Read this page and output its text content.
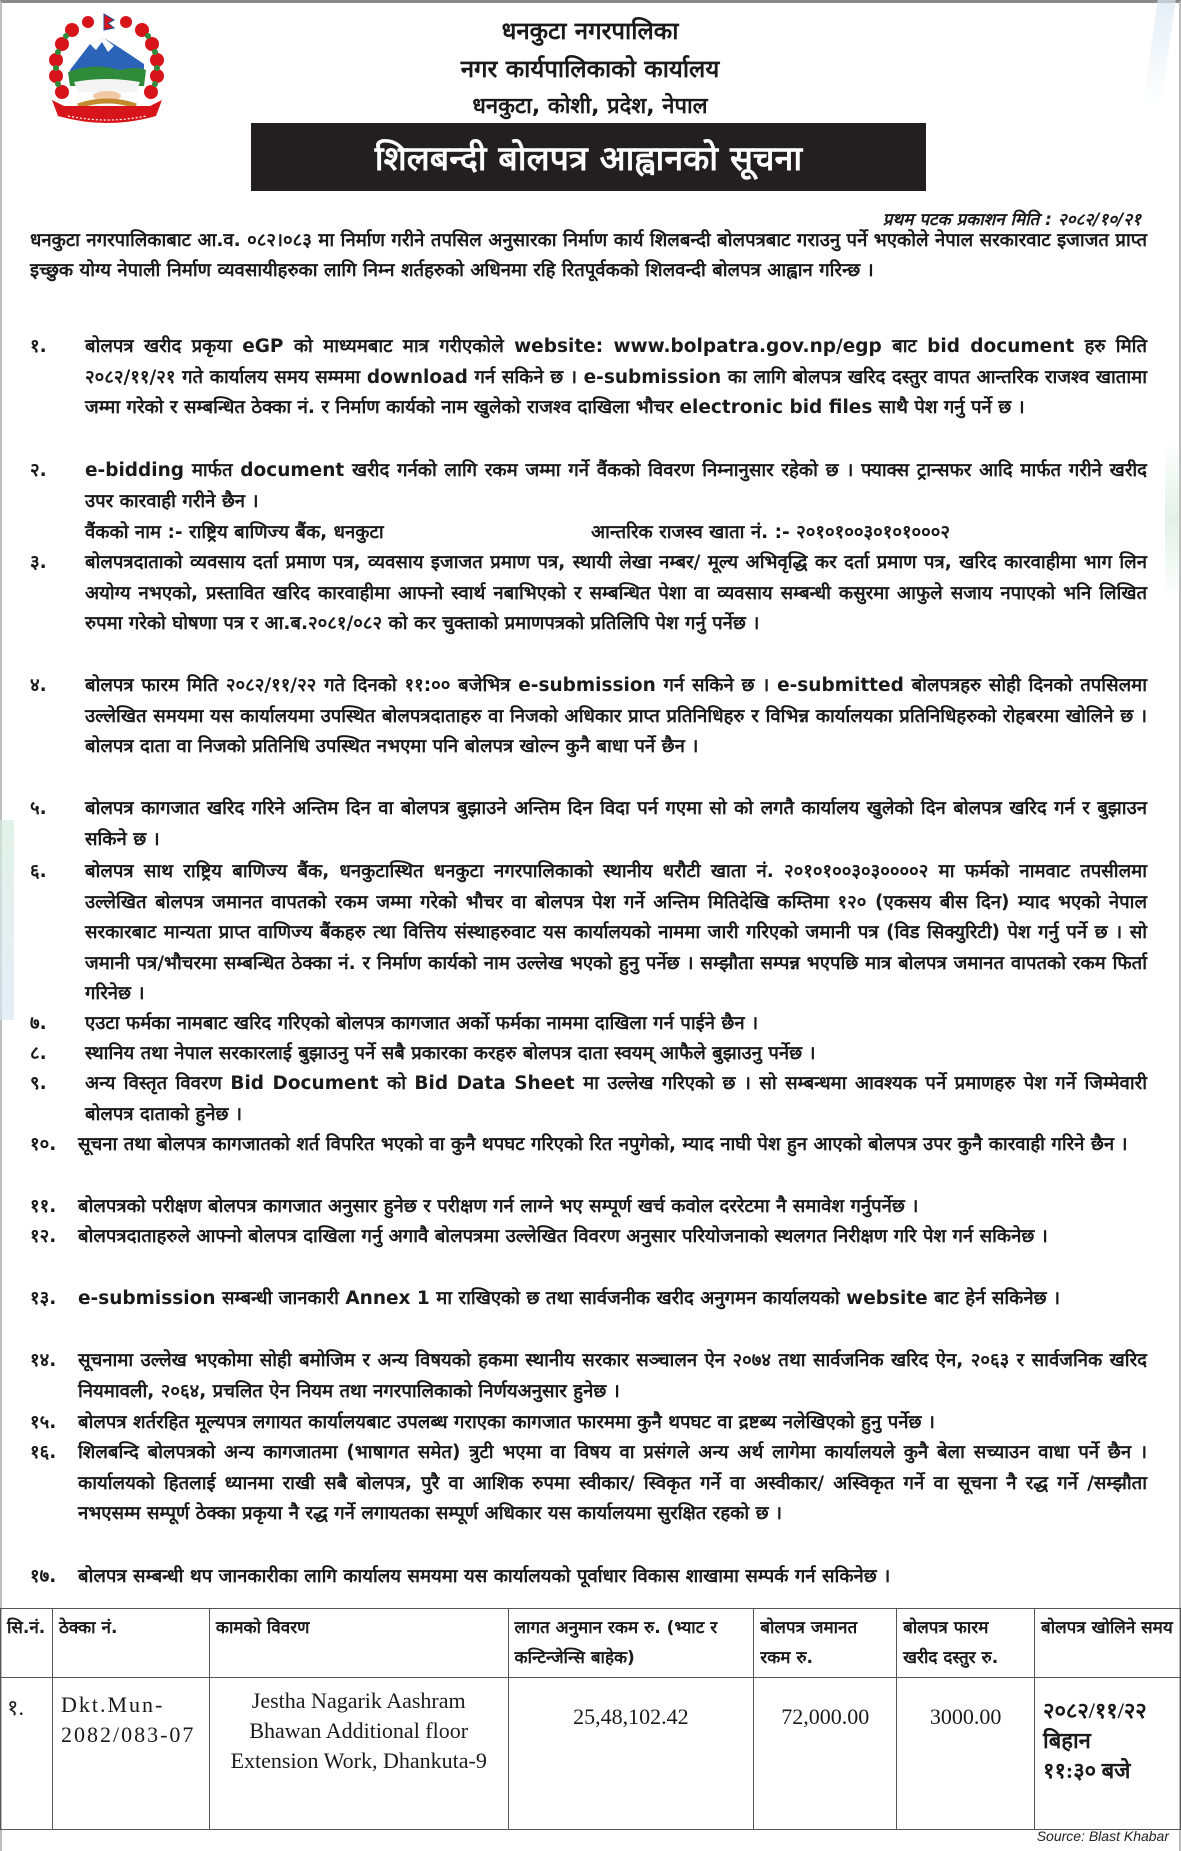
धनकुटा नगरपालिका
नगर कार्यपालिकाको कार्यालय
धनकुटा, कोशी, प्रदेश, नेपाल
शिलबन्दी बोलपत्र आह्वानको सूचना
प्रथम पटक प्रकाशन मिति : २०८२/१०/२१
धनकुटा नगरपालिकाबाट आ.व. ०८२।०८३ मा निर्माण गरीने तपसिल अनुसारका निर्माण कार्य शिलबन्दी बोलपत्रबाट गराउनु पर्ने भएकोले नेपाल सरकारवाट इजाजत प्राप्त इच्छुक योग्य नेपाली निर्माण व्यवसायीहरुका लागि निम्न शर्तहरुको अधिनमा रहि रितपूर्वकको शिलवन्दी बोलपत्र आह्वान गरिन्छ ।
१.	बोलपत्र खरीद प्रकृया eGP को माध्यमबाट मात्र गरीएकोले website: www.bolpatra.gov.np/egp बाट bid document हरु मिति २०८२/११/२१ गते कार्यालय समय सम्ममा download गर्न सकिने छ । e-submission का लागि बोलपत्र खरिद दस्तुर वापत आन्तरिक राजश्व खातामा जम्मा गरेको र सम्बन्धित ठेक्का नं. र निर्माण कार्यको नाम खुलेको राजश्व दाखिला भौचर electronic bid files साथै पेश गर्नु पर्ने छ ।
२.	e-bidding मार्फत document खरीद गर्नको लागि रकम जम्मा गर्ने वैंकको विवरण निम्नानुसार रहेको छ । फ्याक्स ट्रान्सफर आदि मार्फत गरीने खरीद उपर कारवाही गरीने छैन ।
वैंकको नाम :- राष्ट्रिय बाणिज्य बैंक, धनकुटा	आन्तरिक राजस्व खाता नं. :- २०१०१००३०१०१०००२
३.	बोलपत्रदाताको व्यवसाय दर्ता प्रमाण पत्र, व्यवसाय इजाजत प्रमाण पत्र, स्थायी लेखा नम्बर/ मूल्य अभिवृद्धि कर दर्ता प्रमाण पत्र, खरिद कारवाहीमा भाग लिन अयोग्य नभएको, प्रस्तावित खरिद कारवाहीमा आफ्नो स्वार्थ नबाभिएको र सम्बन्धित पेशा वा व्यवसाय सम्बन्धी कसुरमा आफुले सजाय नपाएको भनि लिखित रुपमा गरेको घोषणा पत्र र आ.ब.२०८१/०८२ को कर चुक्ताको प्रमाणपत्रको प्रतिलिपि पेश गर्नु पर्नेछ ।
४.	बोलपत्र फारम मिति २०८२/११/२२ गते दिनको ११:०० बजेभित्र e-submission गर्न सकिने छ । e-submitted बोलपत्रहरु सोही दिनको तपसिलमा उल्लेखित समयमा यस कार्यालयमा उपस्थित बोलपत्रदाताहरु वा निजको अधिकार प्राप्त प्रतिनिधिहरु र विभिन्न कार्यालयका प्रतिनिधिहरुको रोहबरमा खोलिने छ । बोलपत्र दाता वा निजको प्रतिनिधि उपस्थित नभएमा पनि बोलपत्र खोल्न कुनै बाधा पर्ने छैन ।
५.	बोलपत्र कागजात खरिद गरिने अन्तिम दिन वा बोलपत्र बुझाउने अन्तिम दिन विदा पर्न गएमा सो को लगतै कार्यालय खुलेको दिन बोलपत्र खरिद गर्न र बुझाउन सकिने छ ।
६.	बोलपत्र साथ राष्ट्रिय बाणिज्य बैंक, धनकुटास्थित धनकुटा नगरपालिकाको स्थानीय धरौटी खाता नं. २०१०१००३०३००००२ मा फर्मको नामवाट तपसीलमा उल्लेखित बोलपत्र जमानत वापतको रकम जम्मा गरेको भौचर वा बोलपत्र पेश गर्ने अन्तिम मितिदेखि कम्तिमा १२० (एकसय बीस दिन) म्याद भएको नेपाल सरकारबाट मान्यता प्राप्त वाणिज्य बैंकहरु त्था वित्तिय संस्थाहरुवाट यस कार्यालयको नाममा जारी गरिएको जमानी पत्र (विड सिक्युरिटी) पेश गर्नु पर्ने छ । सो जमानी पत्र/भौचरमा सम्बन्धित ठेक्का नं. र निर्माण कार्यको नाम उल्लेख भएको हुनु पर्नेछ । सम्झौता सम्पन्न भएपछि मात्र बोलपत्र जमानत वापतको रकम फिर्ता गरिनेछ ।
७.	एउटा फर्मका नामबाट खरिद गरिएको बोलपत्र कागजात अर्को फर्मका नाममा दाखिला गर्न पाईने छैन ।
८.	स्थानिय तथा नेपाल सरकारलाई बुझाउनु पर्ने सबै प्रकारका करहरु बोलपत्र दाता स्वयम् आफैले बुझाउनु पर्नेछ ।
९.	अन्य विस्तृत विवरण Bid Document को Bid Data Sheet मा उल्लेख गरिएको छ । सो सम्बन्धमा आवश्यक पर्ने प्रमाणहरु पेश गर्ने जिम्मेवारी बोलपत्र दाताको हुनेछ ।
१०.	सूचना तथा बोलपत्र कागजातको शर्त विपरित भएको वा कुनै थपघट गरिएको रित नपुगेको, म्याद नाघी पेश हुन आएको बोलपत्र उपर कुनै कारवाही गरिने छैन ।
११.	बोलपत्रको परीक्षण बोलपत्र कागजात अनुसार हुनेछ र परीक्षण गर्न लाग्ने भए सम्पूर्ण खर्च कवोल दररेटमा नै समावेश गर्नुपर्नेछ ।
१२.	बोलपत्रदाताहरुले आफ्नो बोलपत्र दाखिला गर्नु अगावै बोलपत्रमा उल्लेखित विवरण अनुसार परियोजनाको स्थलगत निरीक्षण गरि पेश गर्न सकिनेछ ।
१३.	e-submission सम्बन्धी जानकारी Annex 1 मा राखिएको छ तथा सार्वजनीक खरीद अनुगमन कार्यालयको website बाट हेर्न सकिनेछ ।
१४.	सूचनामा उल्लेख भएकोमा सोही बमोजिम र अन्य विषयको हकमा स्थानीय सरकार सञ्चालन ऐन २०७४ तथा सार्वजनिक खरिद ऐन, २०६३ र सार्वजनिक खरिद नियमावली, २०६४, प्रचलित ऐन नियम तथा नगरपालिकाको निर्णयअनुसार हुनेछ ।
१५.	बोलपत्र शर्तरहित मूल्यपत्र लगायत कार्यालयबाट उपलब्ध गराएका कागजात फारममा कुनै थपघट वा द्रष्टब्य नलेखिएको हुनु पर्नेछ ।
१६.	शिलबन्दि बोलपत्रको अन्य कागजातमा (भाषागत समेत) त्रुटी भएमा वा विषय वा प्रसंगले अन्य अर्थ लागेमा कार्यालयले कुनै बेला सच्याउन वाधा पर्ने छैन । कार्यालयको हितलाई ध्यानमा राखी सबै बोलपत्र, पुरै वा आशिक रुपमा स्वीकार/ स्विकृत गर्ने वा अस्वीकार/ अस्विकृत गर्ने वा सूचना नै रद्ध गर्ने /सम्झौता नभएसम्म सम्पूर्ण ठेक्का प्रकृया नै रद्ध गर्ने लगायतका सम्पूर्ण अधिकार यस कार्यालयमा सुरक्षित रहको छ ।
१७.	बोलपत्र सम्बन्धी थप जानकारीका लागि कार्यालय समयमा यस कार्यालयको पूर्वाधार विकास शाखामा सम्पर्क गर्न सकिनेछ ।
सि.नं.	ठेक्का नं.	कामको विवरण	लागत अनुमान रकम रु. (भ्याट र कन्टिन्जेन्सि बाहेक)	बोलपत्र जमानत रकम रु.	बोलपत्र फारम खरीद दस्तुर रु.	बोलपत्र खोलिने समय
१.	Dkt.Mun-2082/083-07	Jestha Nagarik Aashram Bhawan Additional floor Extension Work, Dhankuta-9	25,48,102.42	72,000.00	3000.00	२०८२/११/२२
बिहान
११:३० बजे
Source: Blast Khabar
